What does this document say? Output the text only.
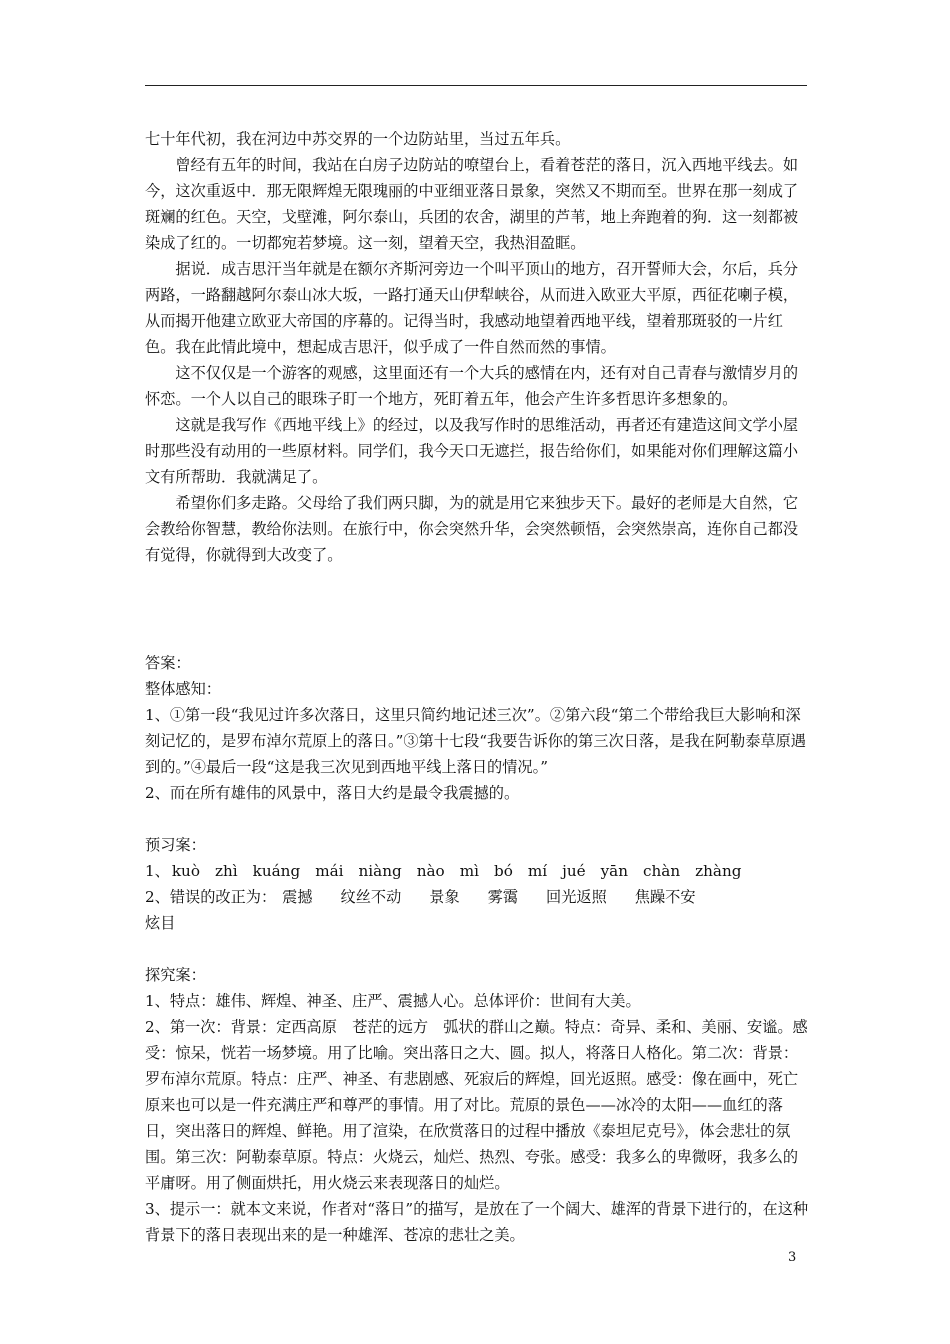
七十年代初，我在河边中苏交界的一个边防站里，当过五年兵。

曾经有五年的时间，我站在白房子边防站的嘹望台上，看着苍茫的落日，沉入西地平线去。如今，这次重返中．那无限辉煌无限瑰丽的中亚细亚落日景象，突然又不期而至。世界在那一刻成了斑斓的红色。天空，戈壁滩，阿尔泰山，兵团的农舍，湖里的芦苇，地上奔跑着的狗．这一刻都被染成了红的。一切都宛若梦境。这一刻，望着天空，我热泪盈眶。

据说．成吉思汗当年就是在额尔齐斯河旁边一个叫平顶山的地方，召开誓师大会，尔后，兵分两路，一路翻越阿尔泰山冰大坂，一路打通天山伊犁峡谷，从而进入欧亚大平原，西征花喇子模，从而揭开他建立欧亚大帝国的序幕的。记得当时，我感动地望着西地平线，望着那斑驳的一片红色。我在此情此境中，想起成吉思汗，似乎成了一件自然而然的事情。

这不仅仅是一个游客的观感，这里面还有一个大兵的感情在内，还有对自己青春与激情岁月的怀恋。一个人以自己的眼珠子盯一个地方，死盯着五年，他会产生许多哲思许多想象的。

这就是我写作《西地平线上》的经过，以及我写作时的思维活动，再者还有建造这间文学小屋时那些没有动用的一些原材料。同学们，我今天口无遮拦，报告给你们，如果能对你们理解这篇小文有所帮助．我就满足了。

希望你们多走路。父母给了我们两只脚，为的就是用它来独步天下。最好的老师是大自然，它会教给你智慧，教给你法则。在旅行中，你会突然升华，会突然顿悟，会突然崇高，连你自己都没有觉得，你就得到大改变了。

答案：

整体感知：

1、①第一段“我见过许多次落日，这里只简约地记述三次”。②第六段“第二个带给我巨大影响和深刻记忆的，是罗布淖尔荒原上的落日。”③第十七段“我要告诉你的第三次日落，是我在阿勒泰草原遇到的。”④最后一段“这是我三次见到西地平线上落日的情况。”

2、而在所有雄伟的风景中，落日大约是最令我震撼的。

预习案：

1、 kuò zhì kuáng mái niàng nào mì bó mí jué yān chàn zhàng

2、错误的改正为： 震撼 纹丝不动 景象 雾霭 回光返照 焦躁不安

炫目

探究案：

1、特点：雄伟、辉煌、神圣、庄严、震撼人心。总体评价：世间有大美。

2、第一次：背景：定西高原　苍茫的远方　弧状的群山之巅。特点：奇异、柔和、美丽、安谧。感受：惊呆，恍若一场梦境。用了比喻。突出落日之大、圆。拟人，将落日人格化。第二次：背景：罗布淖尔荒原。特点：庄严、神圣、有悲剧感、死寂后的辉煌，回光返照。感受：像在画中，死亡原来也可以是一件充满庄严和尊严的事情。用了对比。荒原的景色——冰冷的太阳——血红的落日，突出落日的辉煌、鲜艳。用了渲染，在欣赏落日的过程中播放《泰坦尼克号》，体会悲壮的氛围。第三次：阿勒泰草原。特点：火烧云，灿烂、热烈、夸张。感受：我多么的卑微呀，我多么的平庸呀。用了侧面烘托，用火烧云来表现落日的灿烂。

3、提示一：就本文来说，作者对“落日”的描写，是放在了一个阔大、雄浑的背景下进行的，在这种背景下的落日表现出来的是一种雄浑、苍凉的悲壮之美。

3
